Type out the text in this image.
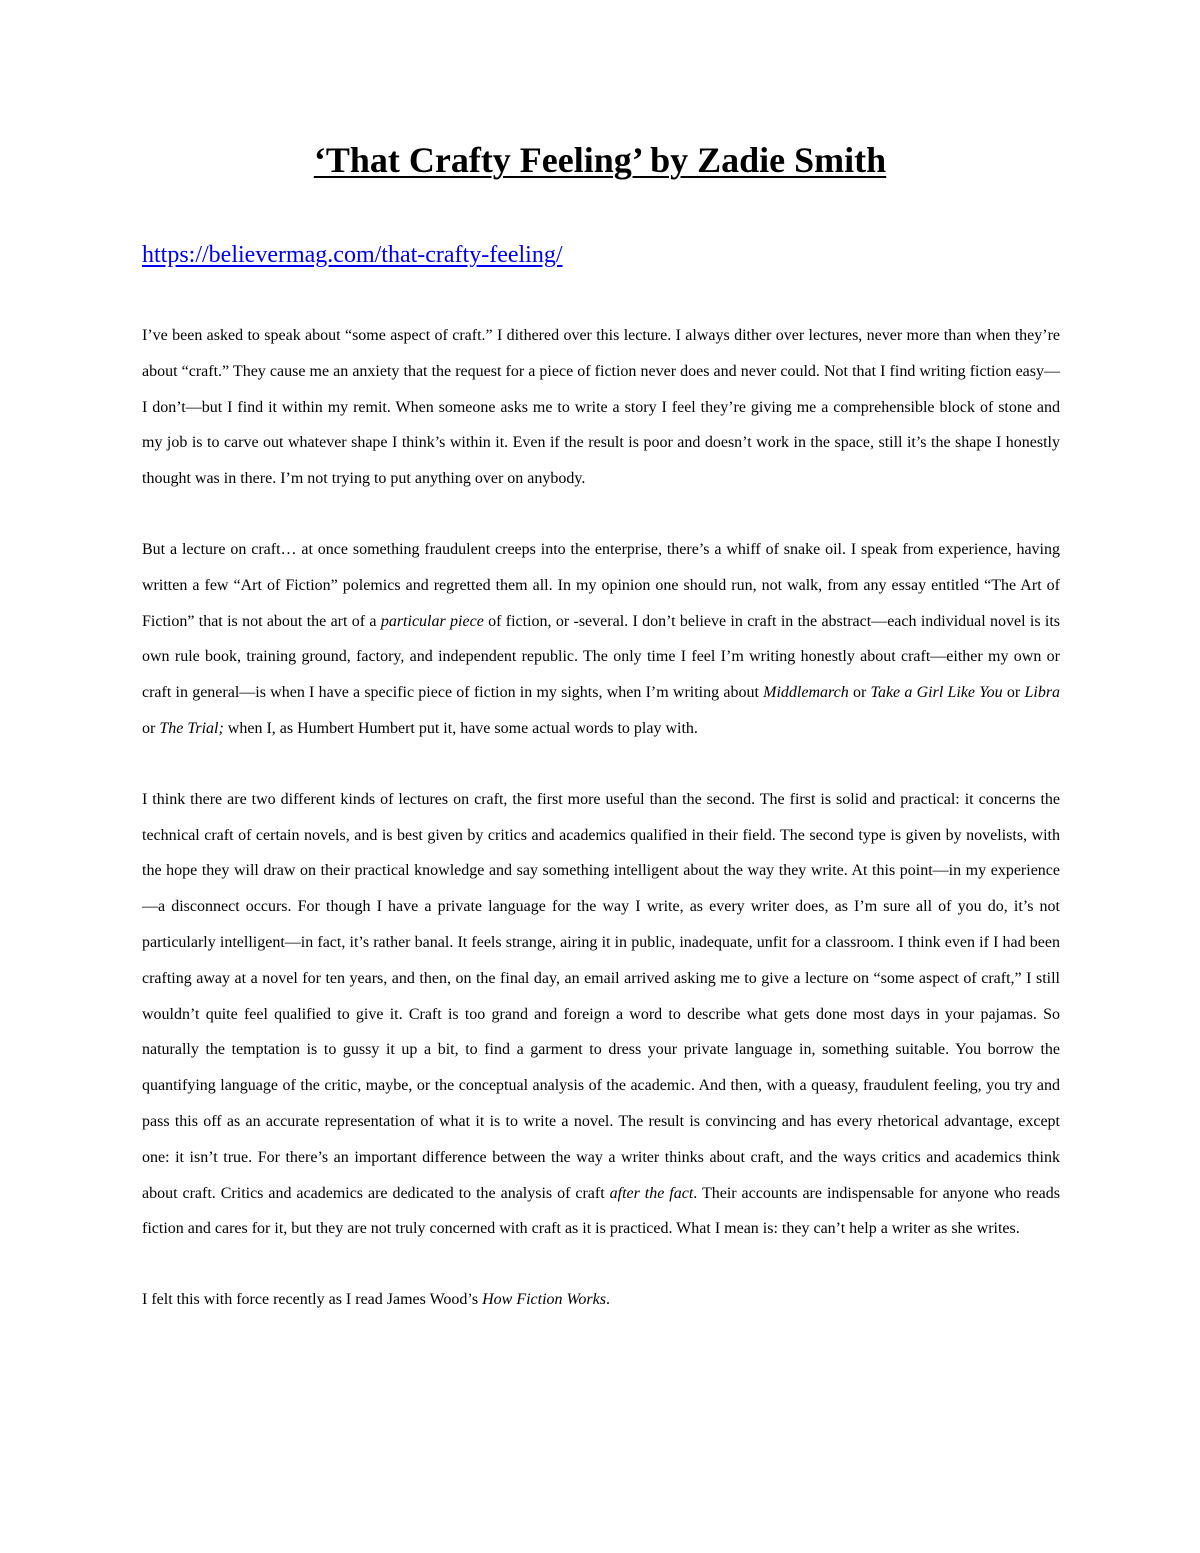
‘That Crafty Feeling’ by Zadie Smith
https://believermag.com/that-crafty-feeling/

I’ve been asked to speak about “some aspect of craft.” I dithered over this lecture. I always dither over lectures, never more than when they’re about “craft.” They cause me an anxiety that the request for a piece of fiction never does and never could. Not that I find writing fiction easy—I don’t—but I find it within my remit. When someone asks me to write a story I feel they’re giving me a comprehensible block of stone and my job is to carve out whatever shape I think’s within it. Even if the result is poor and doesn’t work in the space, still it’s the shape I honestly thought was in there. I’m not trying to put anything over on anybody.

But a lecture on craft… at once something fraudulent creeps into the enterprise, there’s a whiff of snake oil. I speak from experience, having written a few “Art of Fiction” polemics and regretted them all. In my opinion one should run, not walk, from any essay entitled “The Art of Fiction” that is not about the art of a particular piece of fiction, or -several. I don’t believe in craft in the abstract—each individual novel is its own rule book, training ground, factory, and independent republic. The only time I feel I’m writing honestly about craft—either my own or craft in general—is when I have a specific piece of fiction in my sights, when I’m writing about Middlemarch or Take a Girl Like You or Libra or The Trial; when I, as Humbert Humbert put it, have some actual words to play with.

I think there are two different kinds of lectures on craft, the first more useful than the second. The first is solid and practical: it concerns the technical craft of certain novels, and is best given by critics and academics qualified in their field. The second type is given by novelists, with the hope they will draw on their practical knowledge and say something intelligent about the way they write. At this point—in my experience—a disconnect occurs. For though I have a private language for the way I write, as every writer does, as I’m sure all of you do, it’s not particularly intelligent—in fact, it’s rather banal. It feels strange, airing it in public, inadequate, unfit for a classroom. I think even if I had been crafting away at a novel for ten years, and then, on the final day, an email arrived asking me to give a lecture on “some aspect of craft,” I still wouldn’t quite feel qualified to give it. Craft is too grand and foreign a word to describe what gets done most days in your pajamas. So naturally the temptation is to gussy it up a bit, to find a garment to dress your private language in, something suitable. You borrow the quantifying language of the critic, maybe, or the conceptual analysis of the academic. And then, with a queasy, fraudulent feeling, you try and pass this off as an accurate representation of what it is to write a novel. The result is convincing and has every rhetorical advantage, except one: it isn’t true. For there’s an important difference between the way a writer thinks about craft, and the ways critics and academics think about craft. Critics and academics are dedicated to the analysis of craft after the fact. Their accounts are indispensable for anyone who reads fiction and cares for it, but they are not truly concerned with craft as it is practiced. What I mean is: they can’t help a writer as she writes.

I felt this with force recently as I read James Wood’s How Fiction Works.
